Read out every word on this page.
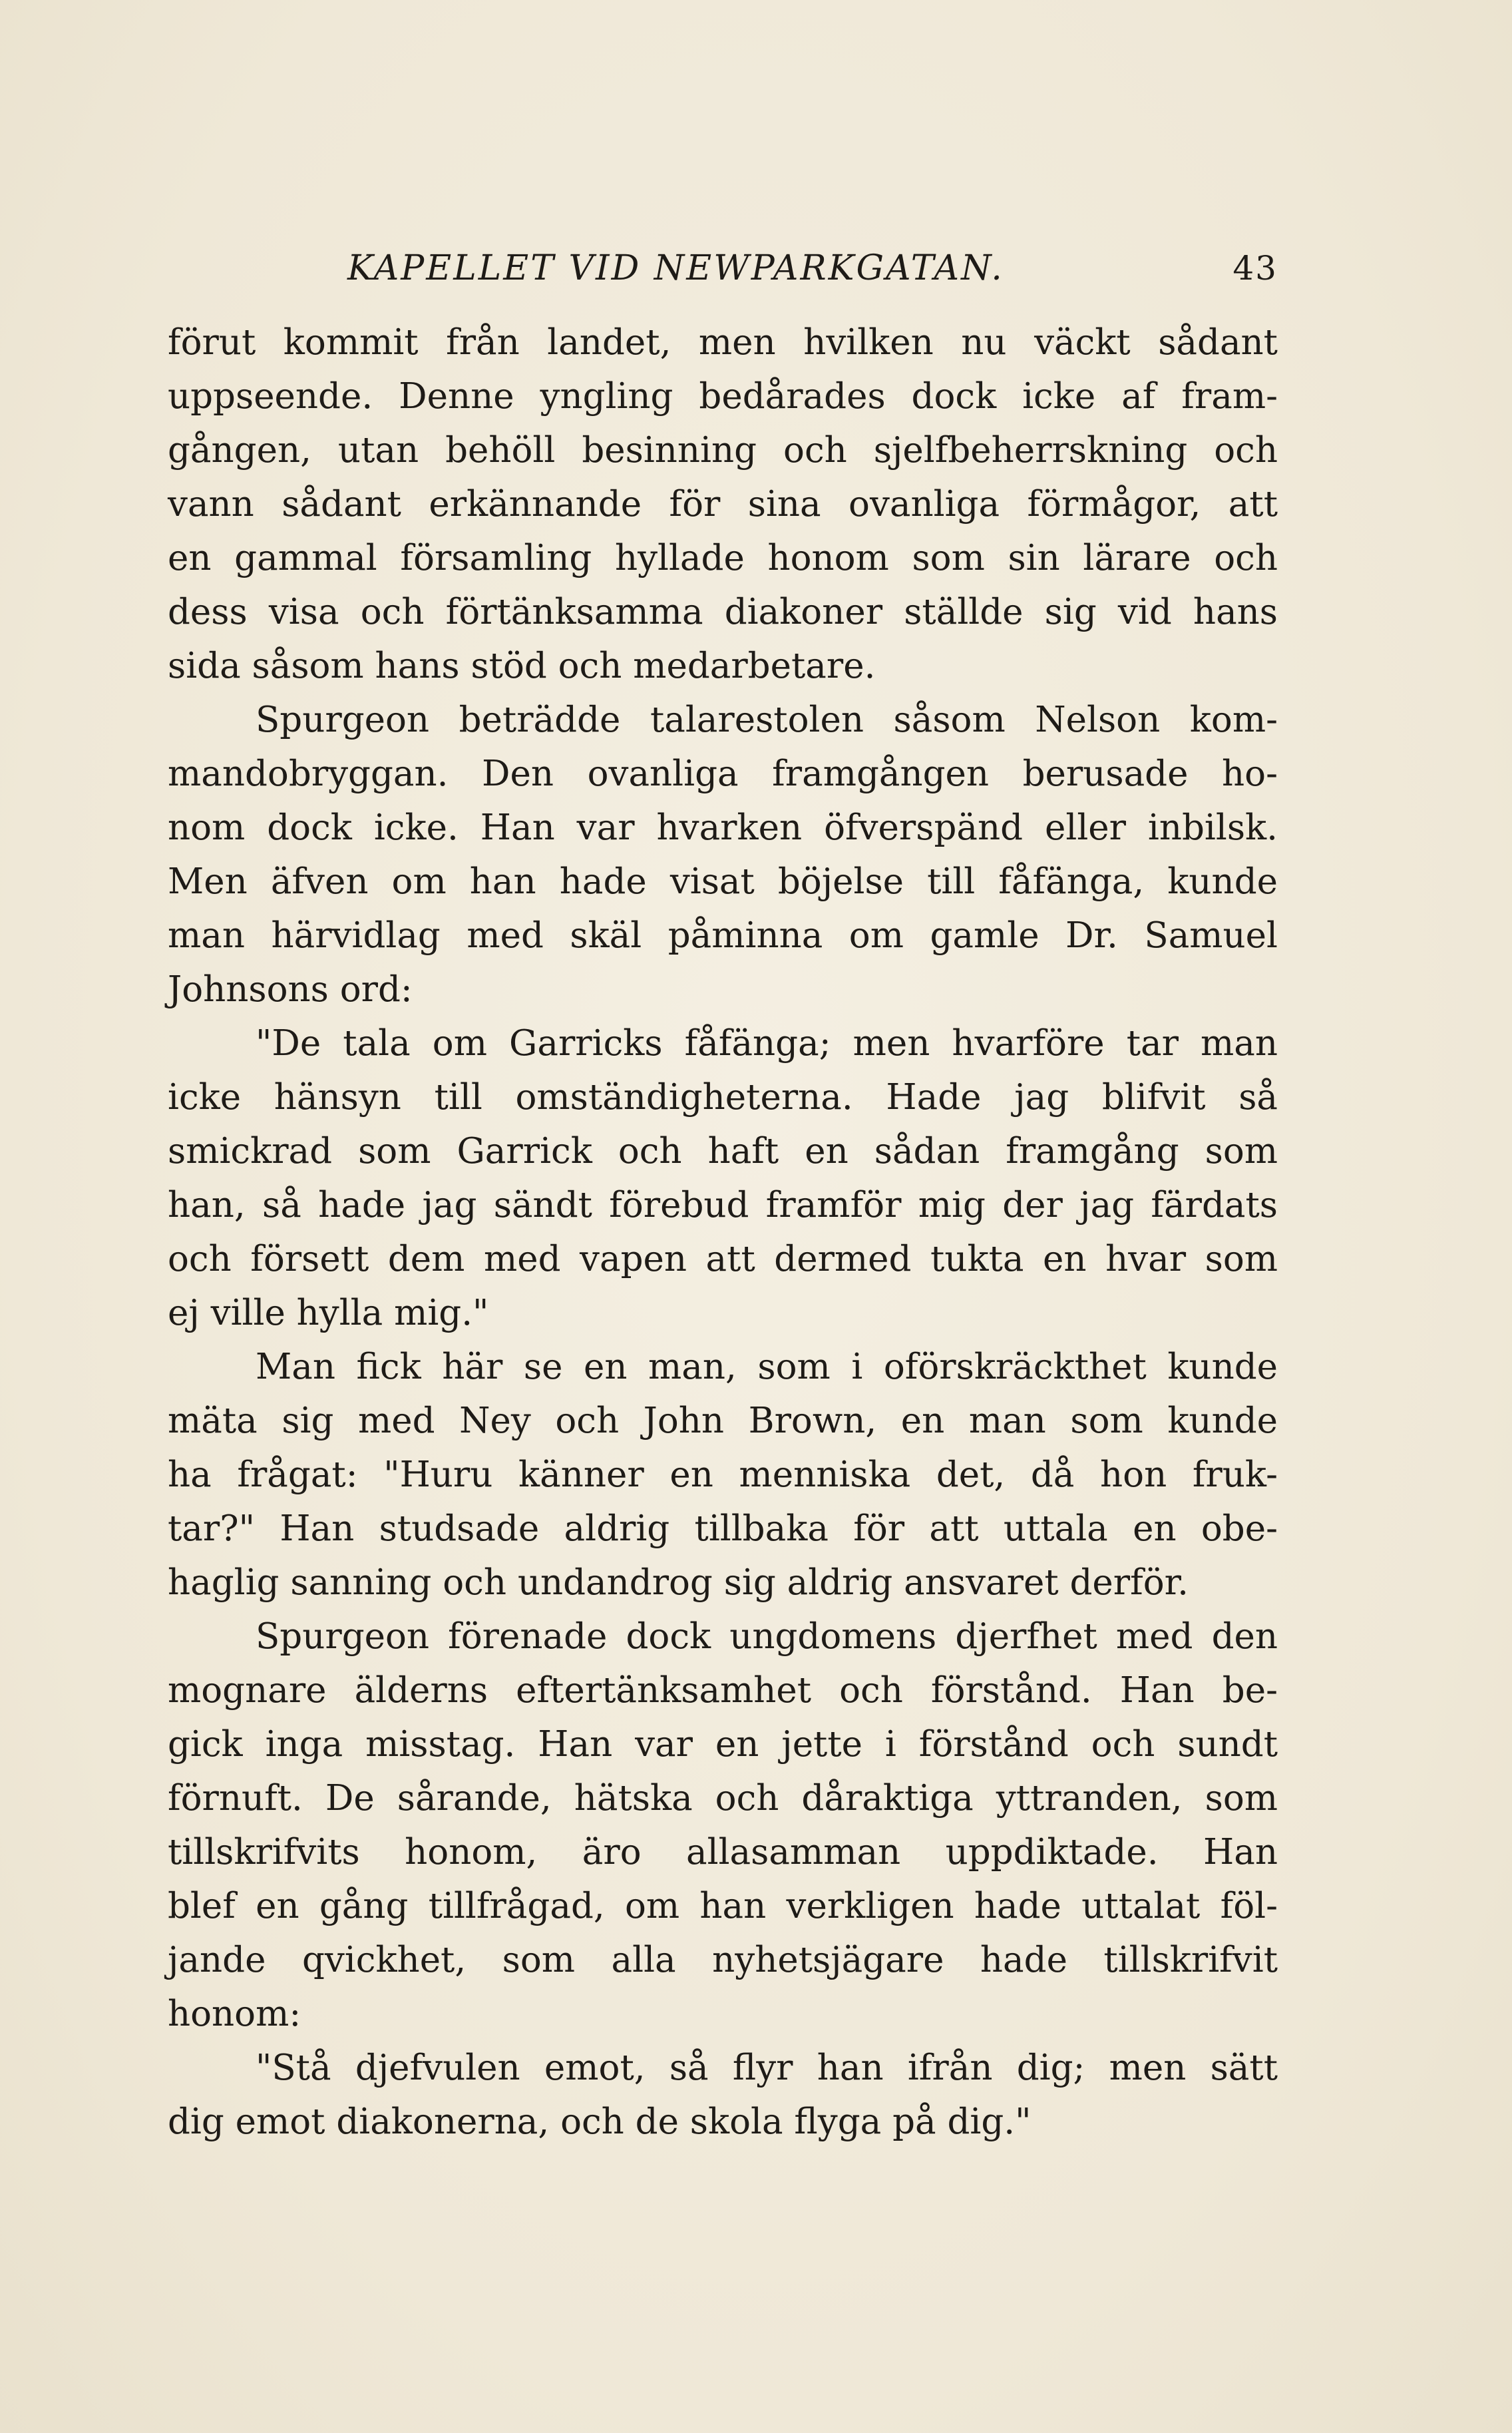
KAPELLET VID NEWPARKGATAN.	43
förut kommit från landet, men hvilken nu väckt sådant
uppseende. Denne yngling bedårades dock icke af fram-
gången, utan behöll besinning och sjelfbeherrskning och
vann sådant erkännande för sina ovanliga förmågor, att
en gammal församling hyllade honom som sin lärare och
dess visa och förtänksamma diakoner ställde sig vid hans
sida såsom hans stöd och medarbetare.
Spurgeon beträdde talarestolen såsom Nelson kom-
mandobryggan. Den ovanliga framgången berusade ho-
nom dock icke. Han var hvarken öfverspänd eller inbilsk.
Men äfven om han hade visat böjelse till fåfänga, kunde
man härvidlag med skäl påminna om gamle Dr. Samuel
Johnsons ord:
"De tala om Garricks fåfänga; men hvarföre tar man
icke hänsyn till omständigheterna. Hade jag blifvit så
smickrad som Garrick och haft en sådan framgång som
han, så hade jag sändt förebud framför mig der jag färdats
och försett dem med vapen att dermed tukta en hvar som
ej ville hylla mig."
Man fick här se en man, som i oförskräckthet kunde
mäta sig med Ney och John Brown, en man som kunde
ha frågat: "Huru känner en menniska det, då hon fruk-
tar?" Han studsade aldrig tillbaka för att uttala en obe-
haglig sanning och undandrog sig aldrig ansvaret derför.
Spurgeon förenade dock ungdomens djerfhet med den
mognare älderns eftertänksamhet och förstånd. Han be-
gick inga misstag. Han var en jette i förstånd och sundt
förnuft. De sårande, hätska och dåraktiga yttranden, som
tillskrifvits honom, äro allasamman uppdiktade. Han
blef en gång tillfrågad, om han verkligen hade uttalat föl-
jande qvickhet, som alla nyhetsjägare hade tillskrifvit
honom:
"Stå djefvulen emot, så flyr han ifrån dig; men sätt
dig emot diakonerna, och de skola flyga på dig."
